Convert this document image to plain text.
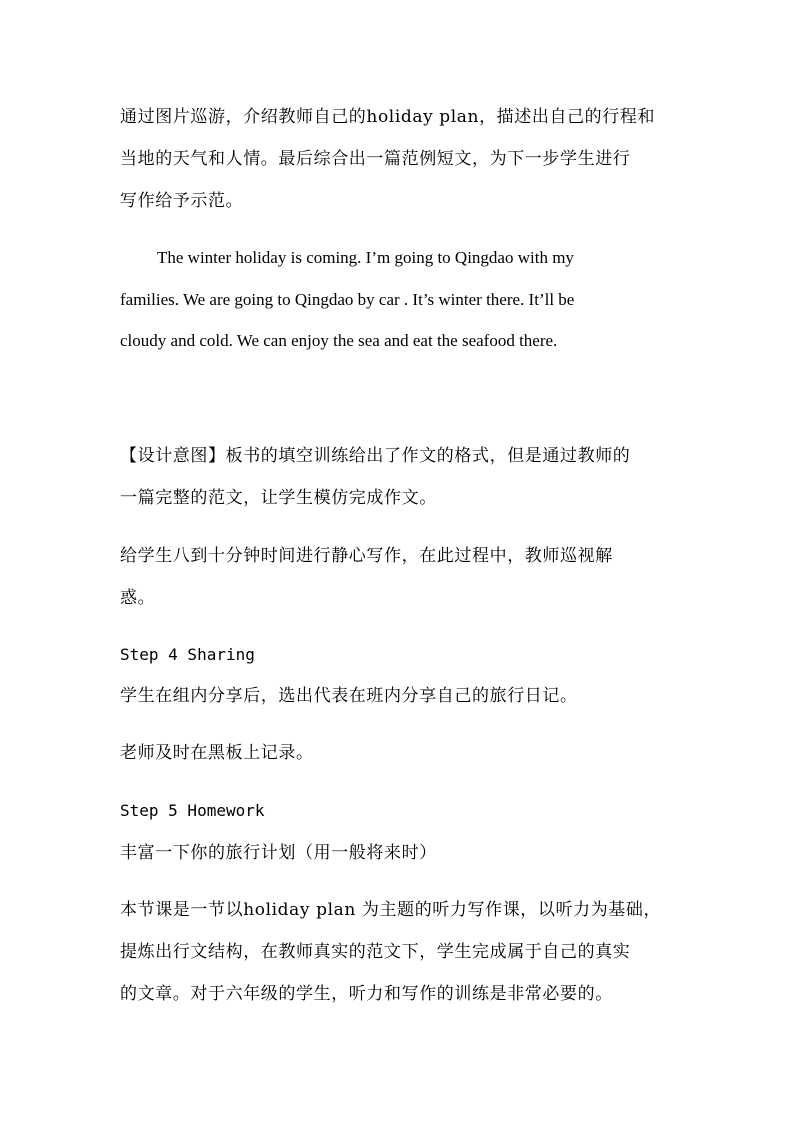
通过图片巡游，介绍教师自己的holiday plan，描述出自己的行程和
当地的天气和人情。最后综合出一篇范例短文，为下一步学生进行
写作给予示范。
The winter holiday is coming. I’m going to Qingdao with my
families. We are going to Qingdao by car . It’s winter there. It’ll be
cloudy and cold. We can enjoy the sea and eat the seafood there.
【设计意图】板书的填空训练给出了作文的格式，但是通过教师的
一篇完整的范文，让学生模仿完成作文。
给学生八到十分钟时间进行静心写作，在此过程中，教师巡视解
惑。
Step 4 Sharing
学生在组内分享后，选出代表在班内分享自己的旅行日记。
老师及时在黑板上记录。
Step 5 Homework
丰富一下你的旅行计划（用一般将来时）
本节课是一节以holiday plan 为主题的听力写作课，以听力为基础，
提炼出行文结构，在教师真实的范文下，学生完成属于自己的真实
的文章。对于六年级的学生，听力和写作的训练是非常必要的。
